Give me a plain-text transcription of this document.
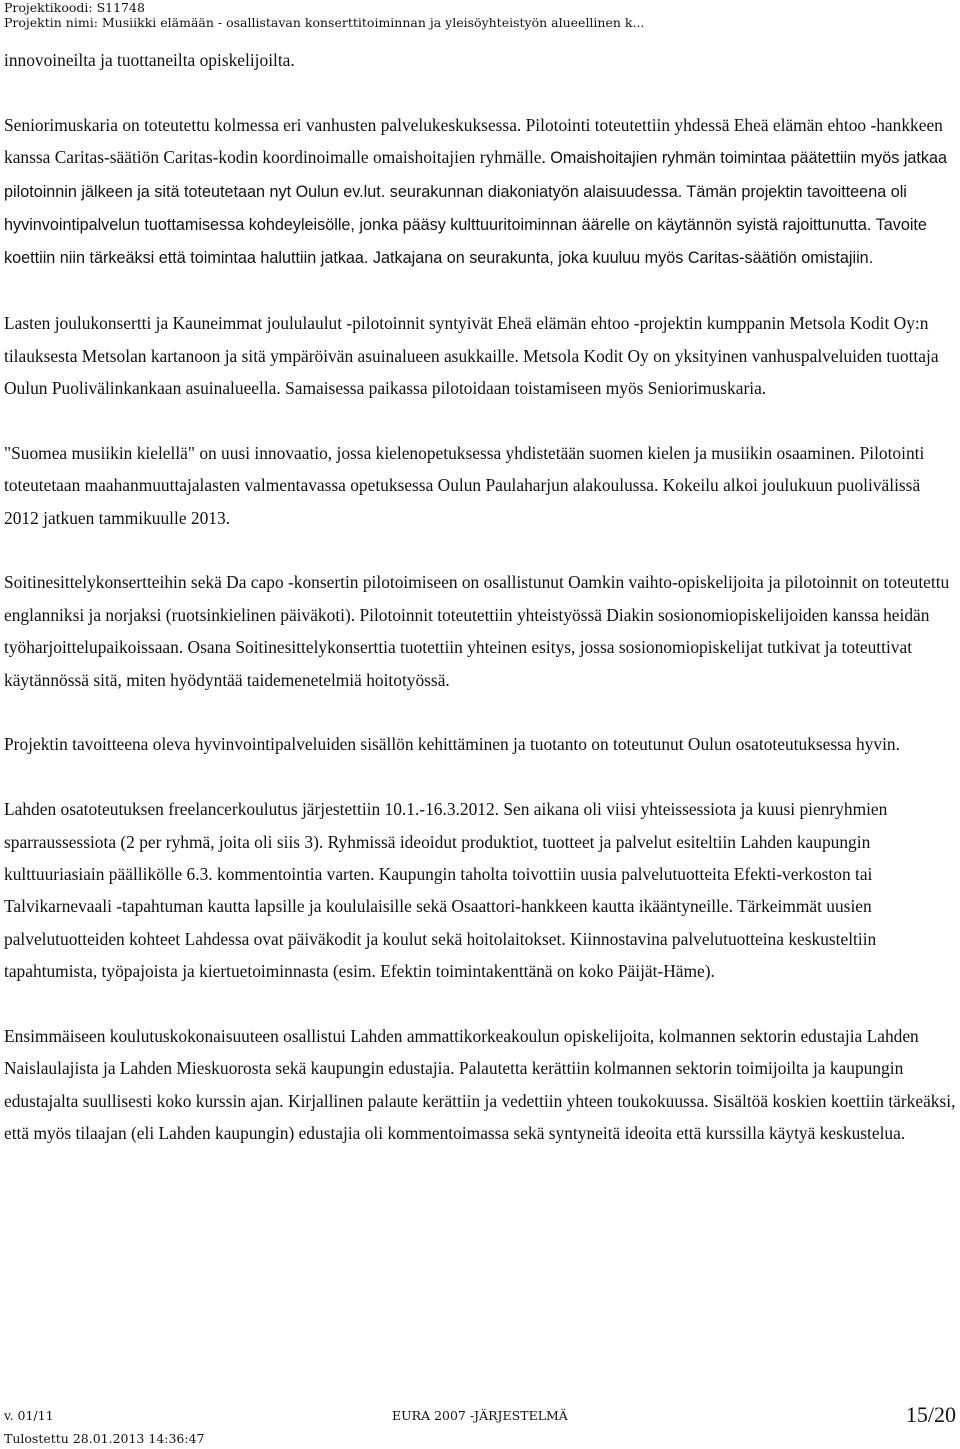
Projektikoodi: S11748
Projektin nimi: Musiikki elämään - osallistavan konserttitoiminnan ja yleisöyhteistyön alueellinen k...

innovoineilta ja tuottaneilta opiskelijoilta.

Seniorimuskaria on toteutettu kolmessa eri vanhusten palvelukeskuksessa. Pilotointi toteutettiin yhdessä Eheä elämän ehtoo -hankkeen kanssa Caritas-säätiön Caritas-kodin koordinoimalle omaishoitajien ryhmälle. Omaishoitajien ryhmän toimintaa päätettiin myös jatkaa pilotoinnin jälkeen ja sitä toteutetaan nyt Oulun ev.lut. seurakunnan diakoniatyön alaisuudessa. Tämän projektin tavoitteena oli hyvinvointipalvelun tuottamisessa kohdeyleisölle, jonka pääsy kulttuuritoiminnan äärelle on käytännön syistä rajoittunutta. Tavoite koettiin niin tärkeäksi että toimintaa haluttiin jatkaa. Jatkajana on seurakunta, joka kuuluu myös Caritas-säätiön omistajiin.

Lasten joulukonsertti ja Kauneimmat joululaulut -pilotoinnit syntyivät Eheä elämän ehtoo -projektin kumppanin Metsola Kodit Oy:n tilauksesta Metsolan kartanoon ja sitä ympäröivän asuinalueen asukkaille. Metsola Kodit Oy on yksityinen vanhuspalveluiden tuottaja Oulun Puolivälinkankaan asuinalueella. Samaisessa paikassa pilotoidaan toistamiseen myös Seniorimuskaria.

"Suomea musiikin kielellä" on uusi innovaatio, jossa kielenopetuksessa yhdistetään suomen kielen ja musiikin osaaminen. Pilotointi toteutetaan maahanmuuttajalasten valmentavassa opetuksessa Oulun Paulaharjun alakoulussa. Kokeilu alkoi joulukuun puolivälissä 2012 jatkuen tammikuulle 2013.

Soitinesittelykonsertteihin sekä Da capo -konsertin pilotoimiseen on osallistunut Oamkin vaihto-opiskelijoita ja pilotoinnit on toteutettu englanniksi ja norjaksi (ruotsinkielinen päiväkoti). Pilotoinnit toteutettiin yhteistyössä Diakin sosionomiopiskelijoiden kanssa heidän työharjoittelupaikoissaan. Osana Soitinesittelykonserttia tuotettiin yhteinen esitys, jossa sosionomiopiskelijat tutkivat ja toteuttivat käytännössä sitä, miten hyödyntää taidemenetelmiä hoitotyössä.

Projektin tavoitteena oleva hyvinvointipalveluiden sisällön kehittäminen ja tuotanto on toteutunut Oulun osatoteutuksessa hyvin.

Lahden osatoteutuksen freelancerkoulutus järjestettiin 10.1.-16.3.2012. Sen aikana oli viisi yhteissessiota ja kuusi pienryhmien sparraussessiota (2 per ryhmä, joita oli siis 3). Ryhmissä ideoidut produktiot, tuotteet ja palvelut esiteltiin Lahden kaupungin kulttuuriasiain päällikölle 6.3. kommentointia varten. Kaupungin taholta toivottiin uusia palvelutuotteita Efekti-verkoston tai Talvikarnevaali -tapahtuman kautta lapsille ja koululaisille sekä Osaattori-hankkeen kautta ikääntyneille. Tärkeimmät uusien palvelutuotteiden kohteet Lahdessa ovat päiväkodit ja koulut sekä hoitolaitokset. Kiinnostavina palvelutuotteina keskusteltiin tapahtumista, työpajoista ja kiertuetoiminnasta (esim. Efektin toimintakenttänä on koko Päijät-Häme).

Ensimmäiseen koulutuskokonaisuuteen osallistui Lahden ammattikorkeakoulun opiskelijoita, kolmannen sektorin edustajia Lahden Naislaulajista ja Lahden Mieskuorosta sekä kaupungin edustajia. Palautetta kerättiin kolmannen sektorin toimijoilta ja kaupungin edustajalta suullisesti koko kurssin ajan. Kirjallinen palaute kerättiin ja vedettiin yhteen toukokuussa. Sisältöä koskien koettiin tärkeäksi, että myös tilaajan (eli Lahden kaupungin) edustajia oli kommentoimassa sekä syntyneitä ideoita että kurssilla käytyä keskustelua.

v. 01/11	EURA 2007 -JÄRJESTELMÄ	15/20
Tulostettu 28.01.2013 14:36:47
